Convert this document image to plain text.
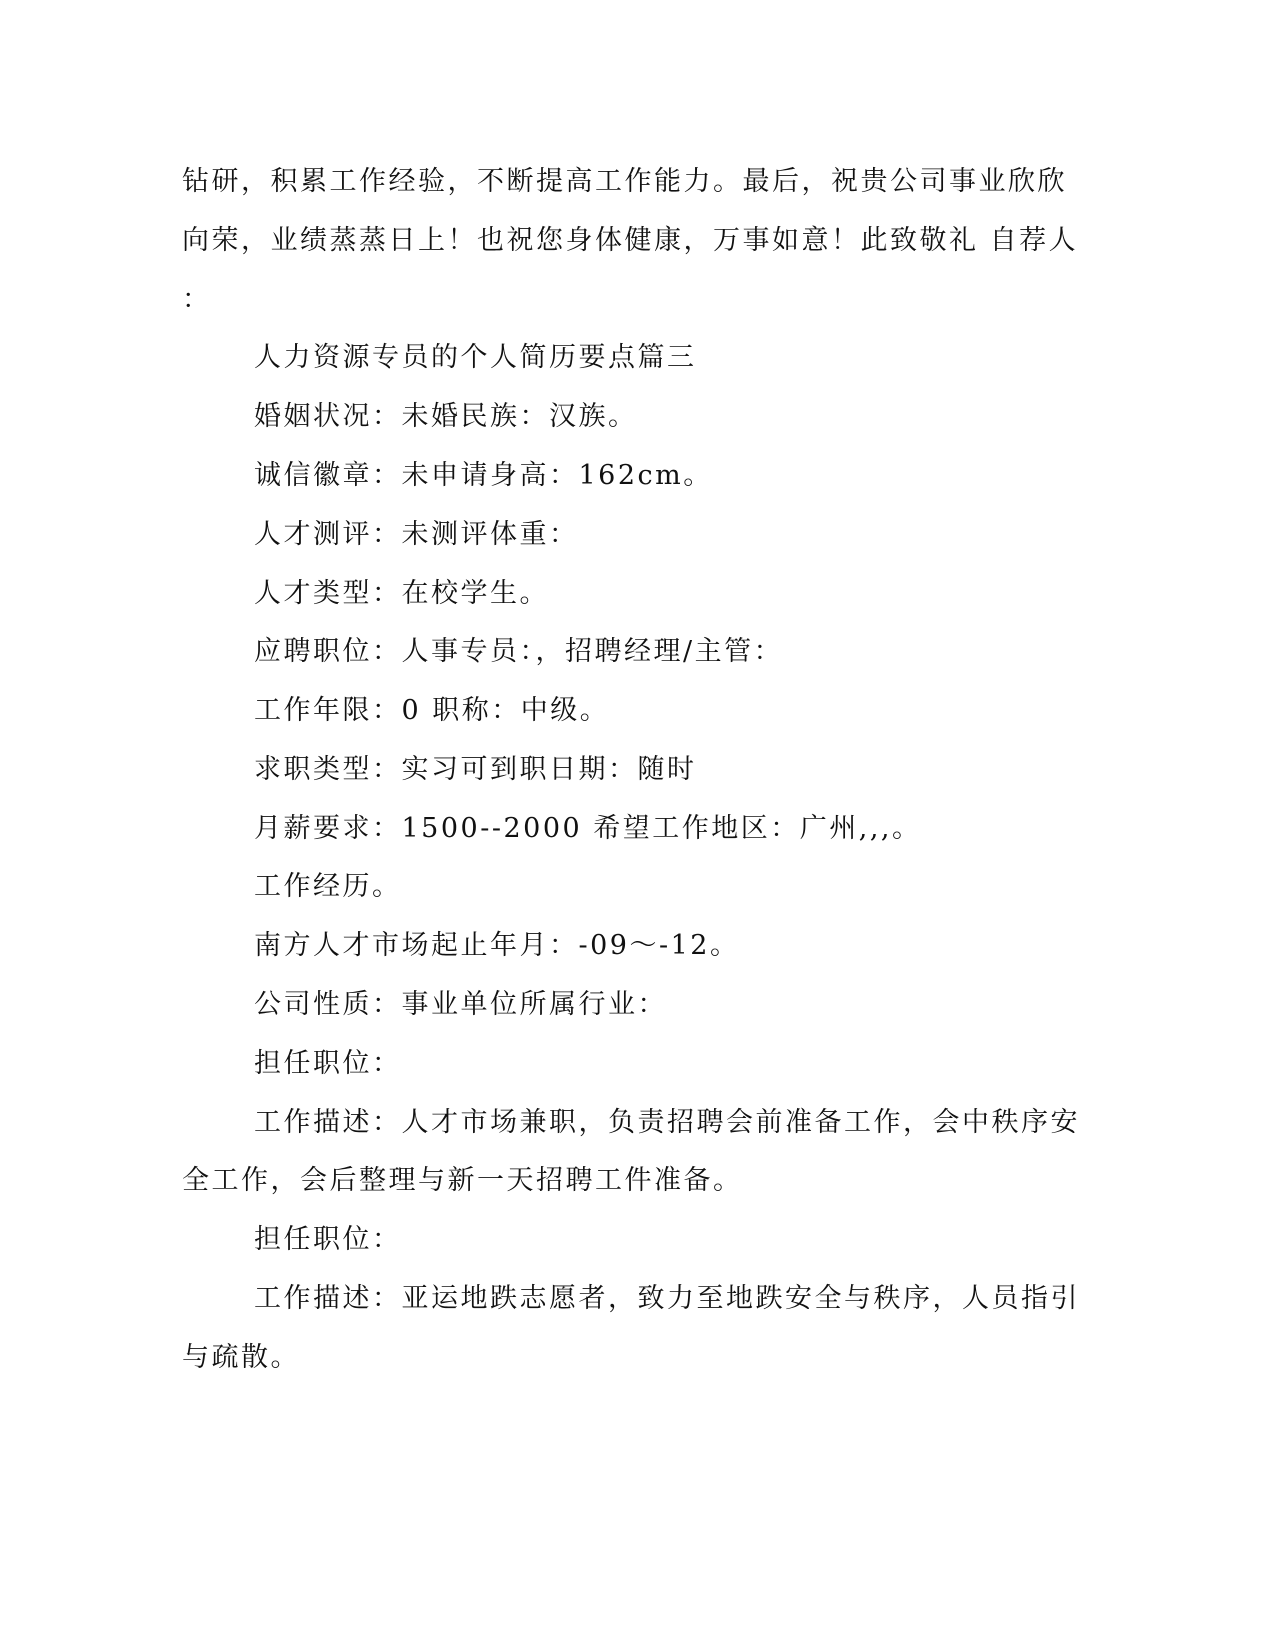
钻研，积累工作经验，不断提高工作能力。最后，祝贵公司事业欣欣
向荣，业绩蒸蒸日上！也祝您身体健康，万事如意！此致敬礼 自荐人
：
人力资源专员的个人简历要点篇三
婚姻状况：未婚民族：汉族。
诚信徽章：未申请身高：162cm。
人才测评：未测评体重：
人才类型：在校学生。
应聘职位：人事专员：，招聘经理/主管：
工作年限：0 职称：中级。
求职类型：实习可到职日期：随时
月薪要求：1500--2000 希望工作地区：广州,,,。
工作经历。
南方人才市场起止年月：-09～-12。
公司性质：事业单位所属行业：
担任职位：
工作描述：人才市场兼职，负责招聘会前准备工作，会中秩序安
全工作，会后整理与新一天招聘工件准备。
担任职位：
工作描述：亚运地跌志愿者，致力至地跌安全与秩序，人员指引
与疏散。
